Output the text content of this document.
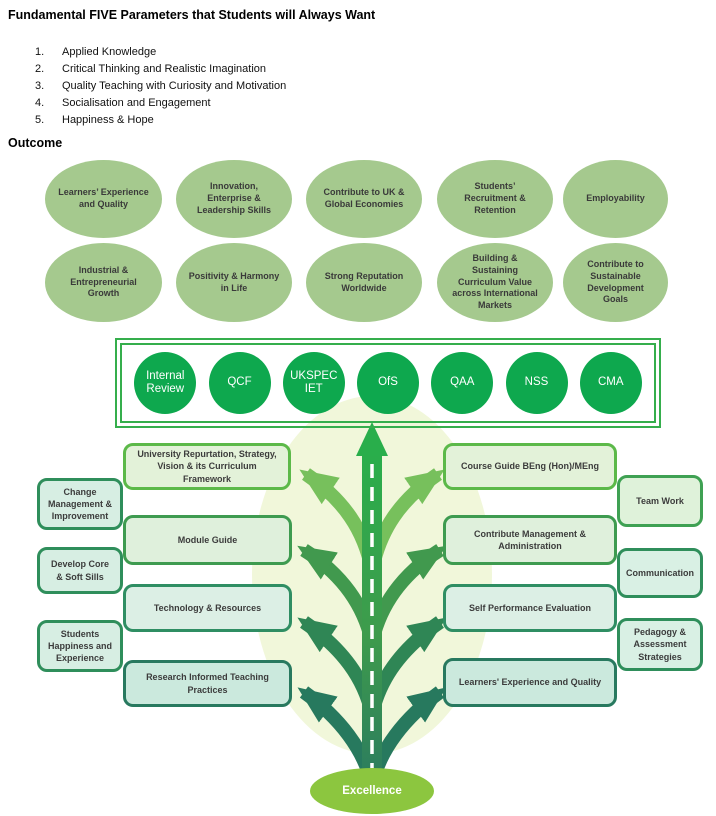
Fundamental FIVE Parameters that Students will Always Want
1.	Applied Knowledge
2.	Critical Thinking and Realistic Imagination
3.	Quality Teaching with Curiosity and Motivation
4.	Socialisation and Engagement
5.	Happiness & Hope
Outcome
Learners’ Experience and Quality
Innovation, Enterprise & Leadership Skills
Contribute to UK & Global Economies
Students’ Recruitment & Retention
Employability
Industrial & Entrepreneurial Growth
Positivity & Harmony in Life
Strong Reputation Worldwide
Building & Sustaining Curriculum Value across International Markets
Contribute to Sustainable Development Goals
Internal Review
QCF
UKSPEC IET
OfS	QAA	NSS	CMA
University Repurtation, Strategy, Vision & its Curriculum Framework
Module Guide
Technology & Resources
Research Informed Teaching Practices
Course Guide BEng (Hon)/MEng
Contribute Management & Administration
Self Performance Evaluation
Learners' Experience and Quality
Change Management & Improvement
Develop Core & Soft Sills
Students Happiness and Experience
Team Work
Communication
Pedagogy & Assessment Strategies
Excellence
